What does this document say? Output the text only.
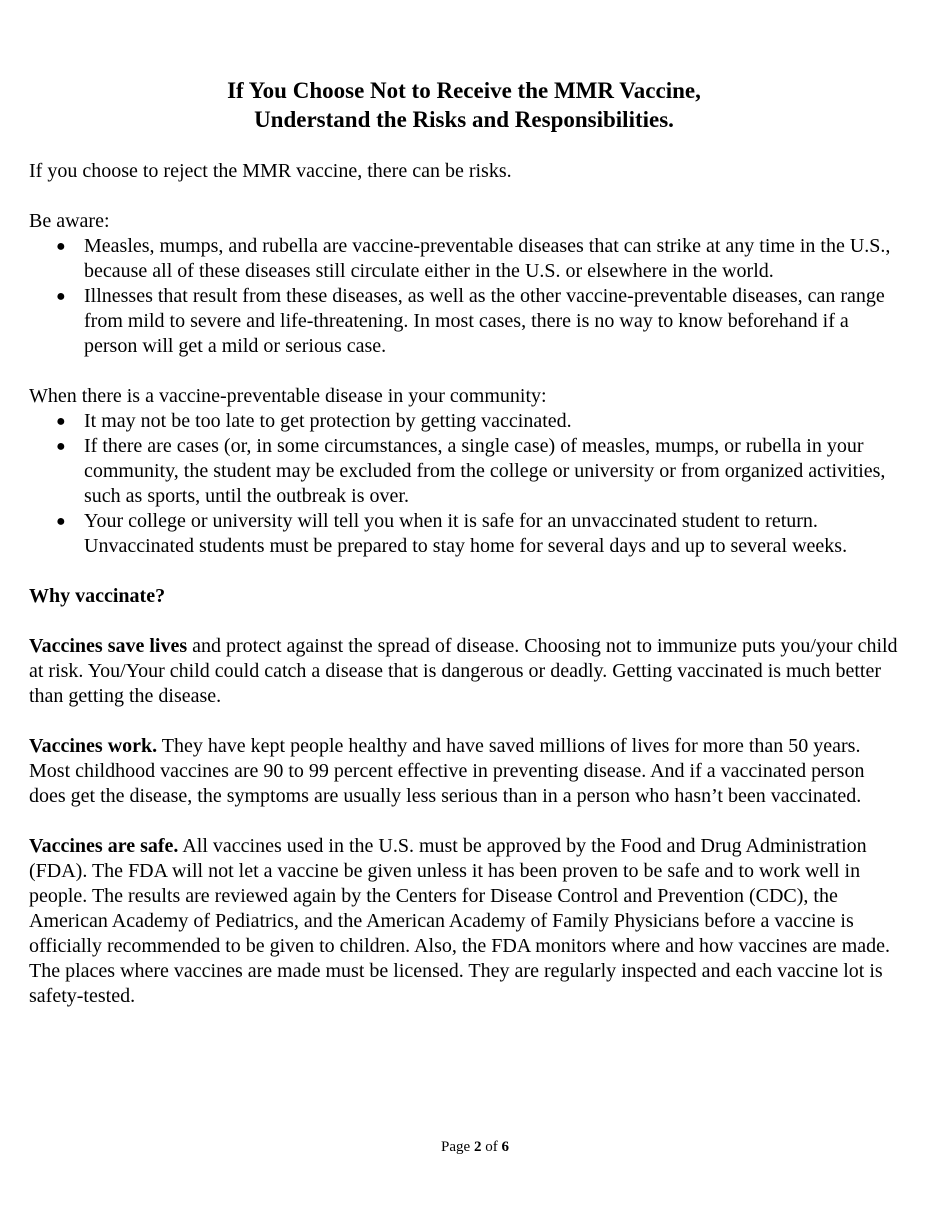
If You Choose Not to Receive the MMR Vaccine,
Understand the Risks and Responsibilities.

If you choose to reject the MMR vaccine, there can be risks.

Be aware:

● Measles, mumps, and rubella are vaccine-preventable diseases that can strike at any time in the U.S., because all of these diseases still circulate either in the U.S. or elsewhere in the world.
● Illnesses that result from these diseases, as well as the other vaccine-preventable diseases, can range from mild to severe and life-threatening. In most cases, there is no way to know beforehand if a person will get a mild or serious case.

When there is a vaccine-preventable disease in your community:

● It may not be too late to get protection by getting vaccinated.
● If there are cases (or, in some circumstances, a single case) of measles, mumps, or rubella in your community, the student may be excluded from the college or university or from organized activities, such as sports, until the outbreak is over.
● Your college or university will tell you when it is safe for an unvaccinated student to return. Unvaccinated students must be prepared to stay home for several days and up to several weeks.

Why vaccinate?

Vaccines save lives and protect against the spread of disease. Choosing not to immunize puts you/your child at risk. You/Your child could catch a disease that is dangerous or deadly. Getting vaccinated is much better than getting the disease.

Vaccines work. They have kept people healthy and have saved millions of lives for more than 50 years. Most childhood vaccines are 90 to 99 percent effective in preventing disease. And if a vaccinated person does get the disease, the symptoms are usually less serious than in a person who hasn’t been vaccinated.

Vaccines are safe. All vaccines used in the U.S. must be approved by the Food and Drug Administration (FDA). The FDA will not let a vaccine be given unless it has been proven to be safe and to work well in people. The results are reviewed again by the Centers for Disease Control and Prevention (CDC), the American Academy of Pediatrics, and the American Academy of Family Physicians before a vaccine is officially recommended to be given to children. Also, the FDA monitors where and how vaccines are made. The places where vaccines are made must be licensed. They are regularly inspected and each vaccine lot is safety-tested.

Page 2 of 6
